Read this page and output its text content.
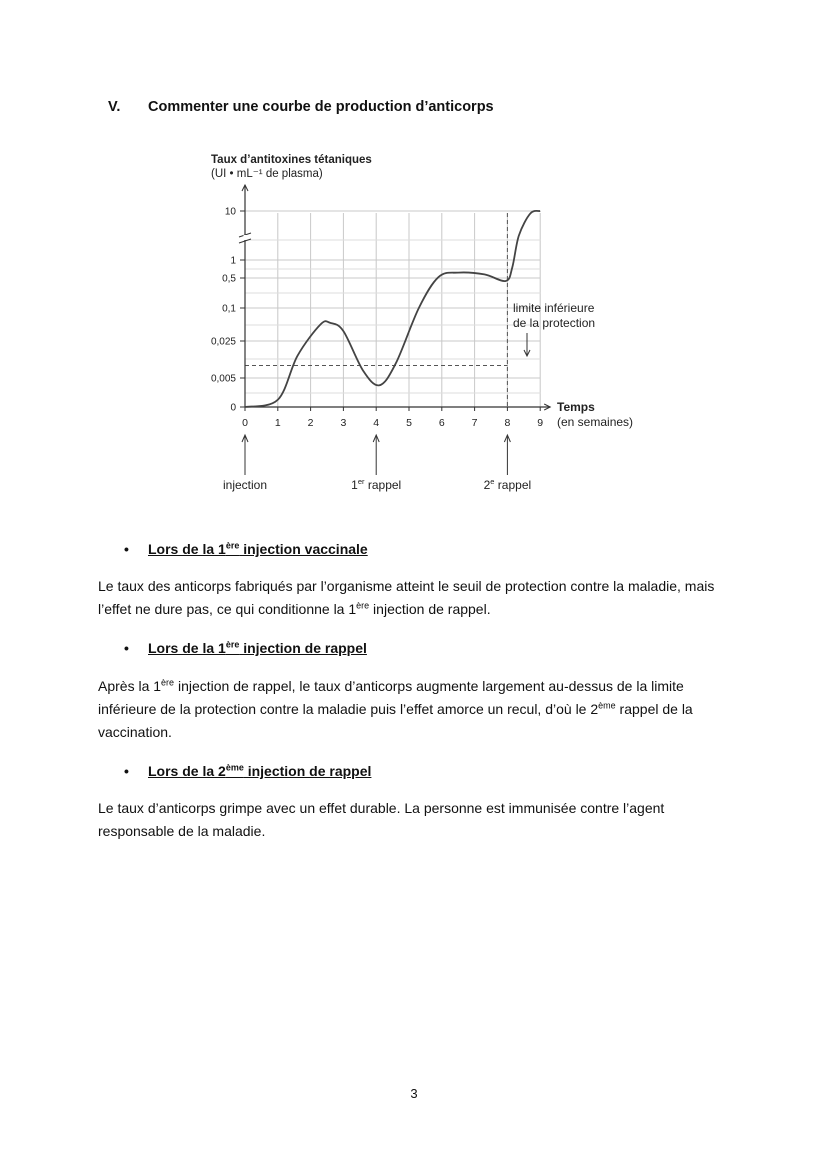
V. Commenter une courbe de production d’anticorps
0
0,005
0,025
0,1
0,5
1
10
0	1	2	3	4	5	6	7	8	9
Taux d’antitoxines tétaniques
(UI • mL⁻¹ de plasma)
Temps
(en semaines)
limite inférieure
de la protection
injection	1er rappel	2e rappel
• Lors de la 1ère injection vaccinale
Le taux des anticorps fabriqués par l’organisme atteint le seuil de protection contre la maladie, mais l’effet ne dure pas, ce qui conditionne la 1ère injection de rappel.
• Lors de la 1ère injection de rappel
Après la 1ère injection de rappel, le taux d’anticorps augmente largement au-dessus de la limite inférieure de la protection contre la maladie puis l’effet amorce un recul, d’où le 2ème rappel de la vaccination.
• Lors de la 2ème injection de rappel
Le taux d’anticorps grimpe avec un effet durable. La personne est immunisée contre l’agent responsable de la maladie.
3
